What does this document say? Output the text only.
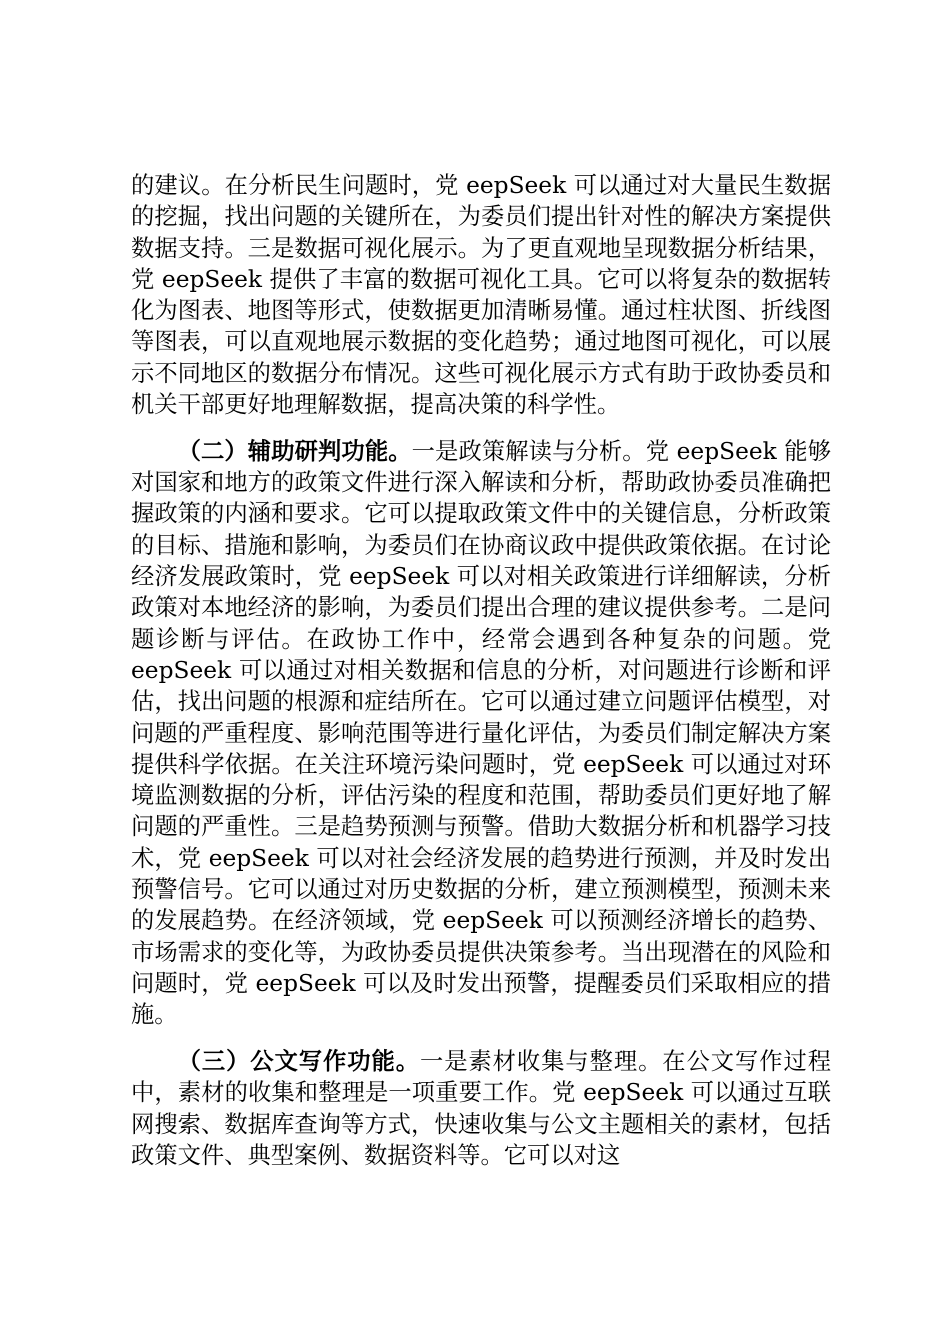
的建议。在分析民生问题时，党 eepSeek 可以通过对大量民生数据的挖掘，找出问题的关键所在，为委员们提出针对性的解决方案提供数据支持。三是数据可视化展示。为了更直观地呈现数据分析结果，党 eepSeek 提供了丰富的数据可视化工具。它可以将复杂的数据转化为图表、地图等形式，使数据更加清晰易懂。通过柱状图、折线图等图表，可以直观地展示数据的变化趋势；通过地图可视化，可以展示不同地区的数据分布情况。这些可视化展示方式有助于政协委员和机关干部更好地理解数据，提高决策的科学性。

（二）辅助研判功能。一是政策解读与分析。党 eepSeek 能够对国家和地方的政策文件进行深入解读和分析，帮助政协委员准确把握政策的内涵和要求。它可以提取政策文件中的关键信息，分析政策的目标、措施和影响，为委员们在协商议政中提供政策依据。在讨论经济发展政策时，党 eepSeek 可以对相关政策进行详细解读，分析政策对本地经济的影响，为委员们提出合理的建议提供参考。二是问题诊断与评估。在政协工作中，经常会遇到各种复杂的问题。党 eepSeek 可以通过对相关数据和信息的分析，对问题进行诊断和评估，找出问题的根源和症结所在。它可以通过建立问题评估模型，对问题的严重程度、影响范围等进行量化评估，为委员们制定解决方案提供科学依据。在关注环境污染问题时，党 eepSeek 可以通过对环境监测数据的分析，评估污染的程度和范围，帮助委员们更好地了解问题的严重性。三是趋势预测与预警。借助大数据分析和机器学习技术，党 eepSeek 可以对社会经济发展的趋势进行预测，并及时发出预警信号。它可以通过对历史数据的分析，建立预测模型，预测未来的发展趋势。在经济领域，党 eepSeek 可以预测经济增长的趋势、市场需求的变化等，为政协委员提供决策参考。当出现潜在的风险和问题时，党 eepSeek 可以及时发出预警，提醒委员们采取相应的措施。

（三）公文写作功能。一是素材收集与整理。在公文写作过程中，素材的收集和整理是一项重要工作。党 eepSeek 可以通过互联网搜索、数据库查询等方式，快速收集与公文主题相关的素材，包括政策文件、典型案例、数据资料等。它可以对这
